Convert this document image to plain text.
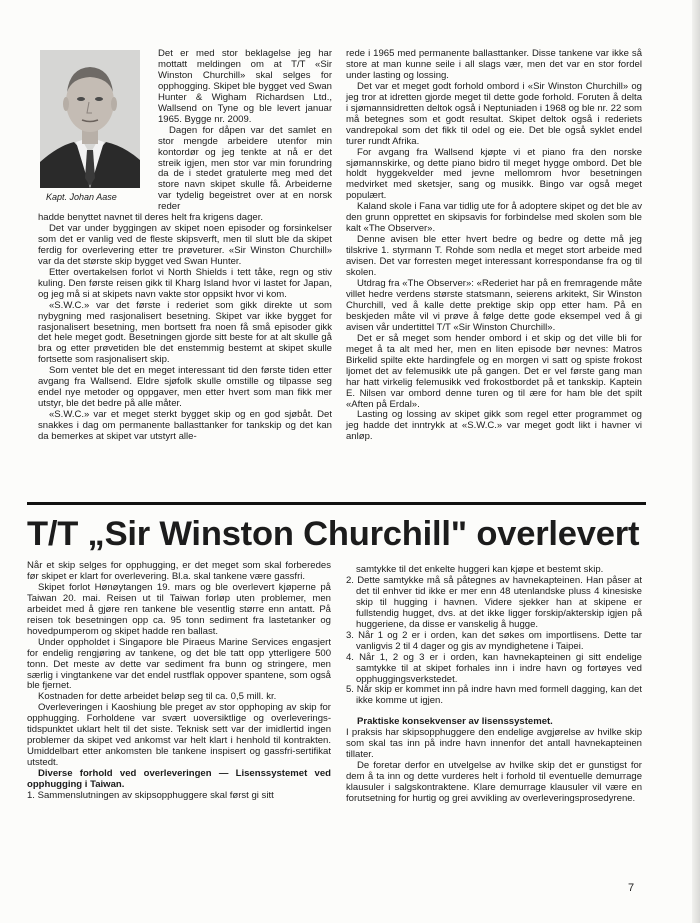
Kapt. Johan Aase

Det er med stor beklagelse jeg har mottatt meldingen om at T/T «Sir Winston Churchill» skal selges for opphogging. Skipet ble bygget ved Swan Hunter & Wigham Richardsen Ltd., Wallsend on Tyne og ble levert januar 1965. Bygge nr. 2009.

Dagen for dåpen var det samlet en stor mengde arbeidere utenfor min kontordør og jeg tenkte at nå er det streik igjen, men stor var min forundring da de i stedet gratulerte meg med det store navn skipet skulle få. Arbeiderne var tydelig begeistret over at en norsk reder

hadde benyttet navnet til deres helt fra krigens dager.

Det var under byggingen av skipet noen episoder og forsinkelser som det er vanlig ved de fleste skipsverft, men til slutt ble da skipet ferdig for overlevering etter tre prøveturer. «Sir Winston Churchill» var da det største skip bygget ved Swan Hunter.

Etter overtakelsen forlot vi North Shields i tett tåke, regn og stiv kuling. Den første reisen gikk til Kharg Island hvor vi lastet for Japan, og jeg må si at skipets navn vakte stor oppsikt hvor vi kom.

«S.W.C.» var det første i rederiet som gikk direkte ut som nybygning med rasjonalisert besetning. Skipet var ikke bygget for rasjonalisert besetning, men bortsett fra noen få små episoder gikk det hele meget godt. Besetningen gjorde sitt beste for at alt skulle gå bra og etter prøvetiden ble det enstemmig bestemt at skipet skulle fortsette som rasjonalisert skip.

Som ventet ble det en meget interessant tid den første tiden etter avgang fra Wallsend. Eldre sjøfolk skulle omstille og tilpasse seg endel nye metoder og oppgaver, men etter hvert som man fikk mer utstyr, ble det bedre på alle måter.

«S.W.C.» var et meget sterkt bygget skip og en god sjøbåt. Det snakkes i dag om permanente ballasttanker for tankskip og det kan da bemerkes at skipet var utstyrt alle-

rede i 1965 med permanente ballasttanker. Disse tankene var ikke så store at man kunne seile i all slags vær, men det var en stor fordel under lasting og lossing.

Det var et meget godt forhold ombord i «Sir Winston Churchill» og jeg tror at idretten gjorde meget til dette gode forhold. Foruten å delta i sjømannsidretten deltok også i Neptuniaden i 1968 og ble nr. 22 som må betegnes som et godt resultat. Skipet deltok også i rederiets vandrepokal som det fikk til odel og eie. Det ble også syklet endel turer rundt Afrika.

For avgang fra Wallsend kjøpte vi et piano fra den norske sjømannskirke, og dette piano bidro til meget hygge ombord. Det ble holdt hyggekvelder med jevne mellomrom hvor besetningen medvirket med sketsjer, sang og musikk. Bingo var også meget populært.

Kaland skole i Fana var tidlig ute for å adoptere skipet og det ble av den grunn opprettet en skipsavis for forbindelse med skolen som ble kalt «The Observer».

Denne avisen ble etter hvert bedre og bedre og dette må jeg tilskrive 1. styrmann T. Rohde som nedla et meget stort arbeide med avisen. Det var forresten meget interessant korrespondanse fra og til skolen.

Utdrag fra «The Observer»: «Rederiet har på en fremragende måte villet hedre verdens største statsmann, seierens arkitekt, Sir Winston Churchill, ved å kalle dette prektige skip opp etter ham. På en beskjeden måte vil vi prøve å følge dette gode eksempel ved å gi avisen vår undertittel T/T «Sir Winston Churchill».

Det er så meget som hender ombord i et skip og det ville bli for meget å ta alt med her, men en liten episode bør nevnes: Matros Birkelid spilte ekte hardingfele og en morgen vi satt og spiste frokost ljomet det av felemusikk ute på gangen. Det er vel første gang man har hatt virkelig felemusikk ved frokostbordet på et tankskip. Kaptein E. Nilsen var ombord denne turen og til ære for ham ble det spilt «Aften på Erdal».

Lasting og lossing av skipet gikk som regel etter programmet og jeg hadde det inntrykk at «S.W.C.» var meget godt likt i havner vi anløp.

T/T „Sir Winston Churchill" overlevert

Når et skip selges for opphugging, er det meget som skal forberedes før skipet er klart for overlevering. Bl.a. skal tankene være gassfri.

Skipet forlot Hønøytangen 19. mars og ble overlevert kjøperne på Taiwan 20. mai. Reisen ut til Taiwan forløp uten problemer, men arbeidet med å gjøre ren tankene ble vesentlig større enn antatt. På reisen tok besetningen opp ca. 95 tonn sediment fra lastetanker og hovedpumperom og skipet hadde ren ballast.

Under oppholdet i Singapore ble Piraeus Marine Services engasjert for endelig rengjøring av tankene, og det ble tatt opp ytterligere 500 tonn. Det meste av dette var sediment fra bunn og stringere, men særlig i vingtankene var det endel rustflak oppover spantene, som også ble fjernet.

Kostnaden for dette arbeidet beløp seg til ca. 0,5 mill. kr.

Overleveringen i Kaoshiung ble preget av stor opphoping av skip for opphugging. Forholdene var svært uoversiktlige og overleverings-tidspunktet uklart helt til det siste. Teknisk sett var der imidlertid ingen problemer da skipet ved ankomst var helt klart i henhold til kontrakten. Umiddelbart etter ankomsten ble tankene inspisert og gassfri-sertifikat utstedt.

Diverse forhold ved overleveringen — Lisenssystemet ved opphugging i Taiwan.

1. Sammenslutningen av skipsopphuggere skal først gi sitt

samtykke til det enkelte huggeri kan kjøpe et bestemt skip.

2. Dette samtykke må så påtegnes av havnekapteinen. Han påser at det til enhver tid ikke er mer enn 48 utenlandske pluss 4 kinesiske skip til hugging i havnen. Videre sjekker han at skipene er fullstendig hugget, dvs. at det ikke ligger forskip/akterskip igjen på huggeriene, da disse er vanskelig å hugge.

3. Når 1 og 2 er i orden, kan det søkes om importlisens. Dette tar vanligvis 2 til 4 dager og gis av myndighetene i Taipei.

4. Når 1, 2 og 3 er i orden, kan havnekapteinen gi sitt endelige samtykke til at skipet forhales inn i indre havn og fortøyes ved opphuggingsverkstedet.

5. Når skip er kommet inn på indre havn med formell dagging, kan det ikke komme ut igjen.

Praktiske konsekvenser av lisenssystemet.

I praksis har skipsopphuggere den endelige avgjørelse av hvilke skip som skal tas inn på indre havn innenfor det antall havnekapteinen tillater.

De foretar derfor en utvelgelse av hvilke skip det er gunstigst for dem å ta inn og dette vurderes helt i forhold til eventuelle demurrage klausuler i salgskontraktene. Klare demurrage klausuler vil være en forutsetning for hurtig og grei avvikling av overleveringsprosedyrene.

7
